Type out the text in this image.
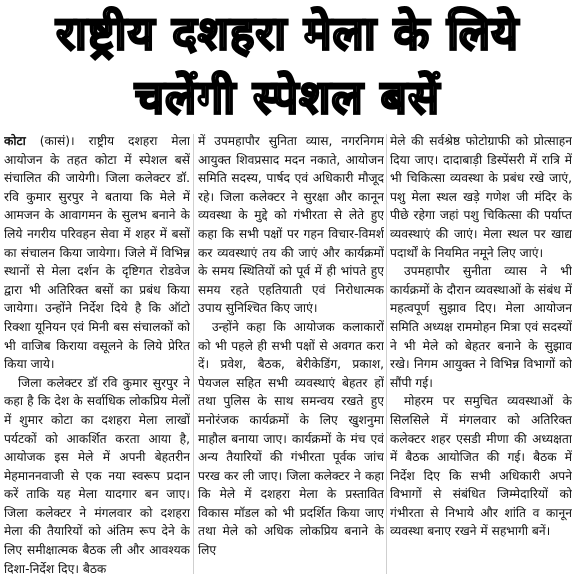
राष्ट्रीय दशहरा मेला के लिये
चलेंगी स्पेशल बसें

कोटा (कासं)। राष्ट्रीय दशहरा मेला आयोजन के तहत कोटा में स्पेशल बसें संचालित की जायेगी। जिला कलेक्टर डॉ. रवि कुमार सुरपुर ने बताया कि मेले में आमजन के आवागमन के सुलभ बनाने के लिये नगरीय परिवहन सेवा में शहर में बसों का संचालन किया जायेगा। जिले में विभिन्न स्थानों से मेला दर्शन के दृष्टिगत रोडवेज द्वारा भी अतिरिक्त बसों का प्रबंध किया जायेगा। उन्होंने निर्देश दिये है कि ऑटो रिक्शा यूनियन एवं मिनी बस संचालकों को भी वाजिब किराया वसूलने के लिये प्रेरित किया जाये।

जिला कलेक्टर डॉ रवि कुमार सुरपुर ने कहा है कि देश के सर्वाधिक लोकप्रिय मेलों में शुमार कोटा का दशहरा मेला लाखों पर्यटकों को आकर्शित करता आया है, आयोजक इस मेले में अपनी बेहतरीन मेहमाननवाजी से एक नया स्वरूप प्रदान करें ताकि यह मेला यादगार बन जाए। जिला कलेक्टर ने मंगलवार को दशहरा मेला की तैयारियों को अंतिम रूप देने के लिए समीक्षात्मक बैठक ली और आवश्यक दिशा-निर्देश दिए। बैठक

में उपमहापौर सुनिता व्यास, नगरनिगम आयुक्त शिवप्रसाद मदन नकाते, आयोजन समिति सदस्य, पार्षद एवं अधिकारी मौजूद रहे। जिला कलेक्टर ने सुरक्षा और कानून व्यवस्था के मुद्दे को गंभीरता से लेते हुए कहा कि सभी पक्षों पर गहन विचार-विमर्श कर व्यवस्थाएं तय की जाएं और कार्यक्रमों के समय स्थितियों को पूर्व में ही भांपते हुए समय रहते एहतियाती एवं निरोधात्मक उपाय सुनिश्चित किए जाएं।

उन्होंने कहा कि आयोजक कलाकारों को भी पहले ही सभी पक्षों से अवगत करा दें। प्रवेश, बैठक, बेरीकेडिंग, प्रकाश, पेयजल सहित सभी व्यवस्थाएं बेहतर हों तथा पुलिस के साथ समन्वय रखते हुए मनोरंजक कार्यक्रमों के लिए खुशनुमा माहौल बनाया जाए। कार्यक्रमों के मंच एवं अन्य तैयारियों की गंभीरता पूर्वक जांच परख कर ली जाए। जिला कलेक्टर ने कहा कि मेले में दशहरा मेला के प्रस्तावित विकास मॉडल को भी प्रदर्शित किया जाए तथा मेले को अधिक लोकप्रिय बनाने के लिए

मेले की सर्वश्रेष्ठ फोटोग्राफी को प्रोत्साहन दिया जाए। दादाबाड़ी डिस्पेंसरी में रात्रि में भी चिकित्सा व्यवस्था के प्रबंध रखे जाएं, पशु मेला स्थल खड़े गणेश जी मंदिर के पीछे रहेगा जहां पशु चिकित्सा की पर्याप्त व्यवस्थाएं की जाएं। मेला स्थल पर खाद्य पदार्थों के नियमित नमूने लिए जाएं।

उपमहापौर सुनीता व्यास ने भी कार्यक्रमों के दौरान व्यवस्थाओं के संबंध में महत्वपूर्ण सुझाव दिए। मेला आयोजन समिति अध्यक्ष राममोहन मित्रा एवं सदस्यों ने भी मेले को बेहतर बनाने के सुझाव रखे। निगम आयुक्त ने विभिन्न विभागों को सौंपी गई।

मोहरम पर समुचित व्यवस्थाओं के सिलसिले में मंगलवार को अतिरिक्त कलेक्टर शहर एसडी मीणा की अध्यक्षता में बैठक आयोजित की गई। बैठक में निर्देश दिए कि सभी अधिकारी अपने विभागों से संबंधित जिम्मेदारियों को गंभीरता से निभाये और शांति व कानून व्यवस्था बनाए रखने में सहभागी बनें।
